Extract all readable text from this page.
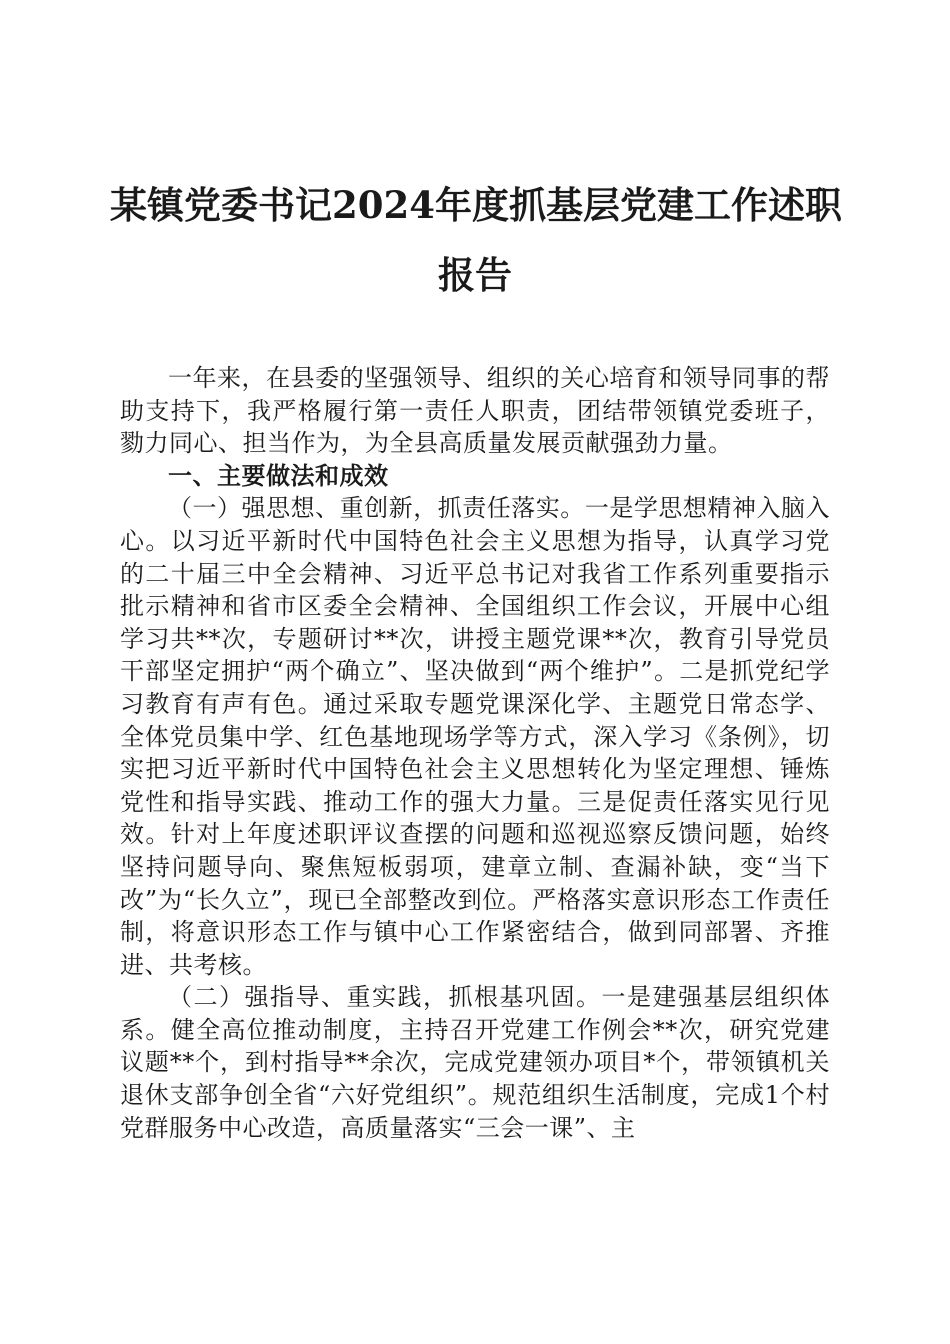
某镇党委书记2024年度抓基层党建工作述职
报告

一年来，在县委的坚强领导、组织的关心培育和领导同事的帮助支持下，我严格履行第一责任人职责，团结带领镇党委班子，勠力同心、担当作为，为全县高质量发展贡献强劲力量。

一、主要做法和成效

（一）强思想、重创新，抓责任落实。一是学思想精神入脑入心。以习近平新时代中国特色社会主义思想为指导，认真学习党的二十届三中全会精神、习近平总书记对我省工作系列重要指示批示精神和省市区委全会精神、全国组织工作会议，开展中心组学习共**次，专题研讨**次，讲授主题党课**次，教育引导党员干部坚定拥护“两个确立”、坚决做到“两个维护”。二是抓党纪学习教育有声有色。通过采取专题党课深化学、主题党日常态学、全体党员集中学、红色基地现场学等方式，深入学习《条例》，切实把习近平新时代中国特色社会主义思想转化为坚定理想、锤炼党性和指导实践、推动工作的强大力量。三是促责任落实见行见效。针对上年度述职评议查摆的问题和巡视巡察反馈问题，始终坚持问题导向、聚焦短板弱项，建章立制、查漏补缺，变“当下改”为“长久立”，现已全部整改到位。严格落实意识形态工作责任制，将意识形态工作与镇中心工作紧密结合，做到同部署、齐推进、共考核。

（二）强指导、重实践，抓根基巩固。一是建强基层组织体系。健全高位推动制度，主持召开党建工作例会**次，研究党建议题**个，到村指导**余次，完成党建领办项目*个，带领镇机关退休支部争创全省“六好党组织”。规范组织生活制度，完成1个村党群服务中心改造，高质量落实“三会一课”、主
